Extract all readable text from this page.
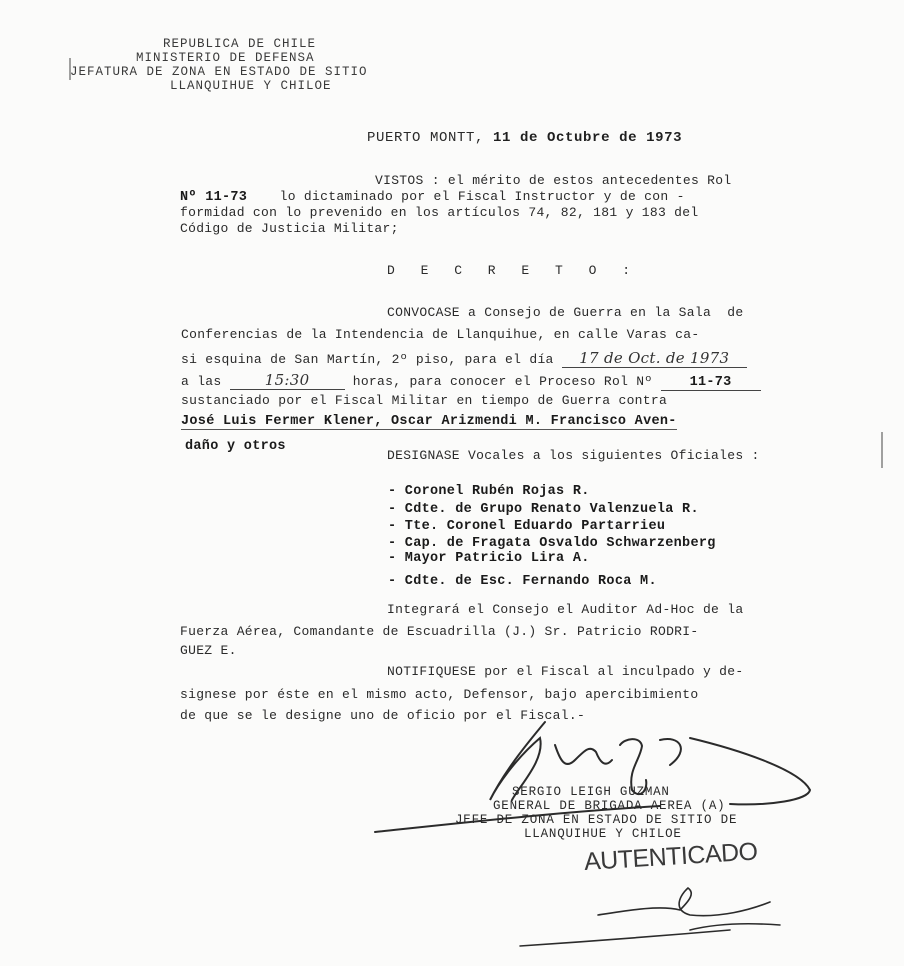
REPUBLICA DE CHILE
MINISTERIO DE DEFENSA
JEFATURA DE ZONA EN ESTADO DE SITIO
LLANQUIHUE Y CHILOE
PUERTO MONTT, 11 de Octubre de 1973
VISTOS : el mérito de estos antecedentes Rol
Nº 11-73 lo dictaminado por el Fiscal Instructor y de con -
formidad con lo prevenido en los artículos 74, 82, 181 y 183 del
Código de Justicia Militar;
D E C R E T O :
CONVOCASE a Consejo de Guerra en la Sala  de
Conferencias de la Intendencia de Llanquihue, en calle Varas ca-
si esquina de San Martín, 2º piso, para el día 17 de Oct. de 1973
a las	15:30	horas, para conocer el Proceso Rol Nº	11-73
sustanciado por el Fiscal Militar en tiempo de Guerra contra
José Luis Fermer Klener, Oscar Arizmendi M. Francisco Aven-
daño y otros
DESIGNASE Vocales a los siguientes Oficiales :
- Coronel Rubén Rojas R.
- Cdte. de Grupo Renato Valenzuela R.
- Tte. Coronel Eduardo Partarrieu
- Cap. de Fragata Osvaldo Schwarzenberg
- Mayor Patricio Lira A.
- Cdte. de Esc. Fernando Roca M.
Integrará el Consejo el Auditor Ad-Hoc de la
Fuerza Aérea, Comandante de Escuadrilla (J.) Sr. Patricio RODRI-
GUEZ E.
NOTIFIQUESE por el Fiscal al inculpado y de-
signese por éste en el mismo acto, Defensor, bajo apercibimiento
de que se le designe uno de oficio por el Fiscal.-
SERGIO LEIGH GUZMAN
GENERAL DE BRIGADA AEREA (A)
JEFE DE ZONA EN ESTADO DE SITIO DE
LLANQUIHUE Y CHILOE
AUTENTICADO
